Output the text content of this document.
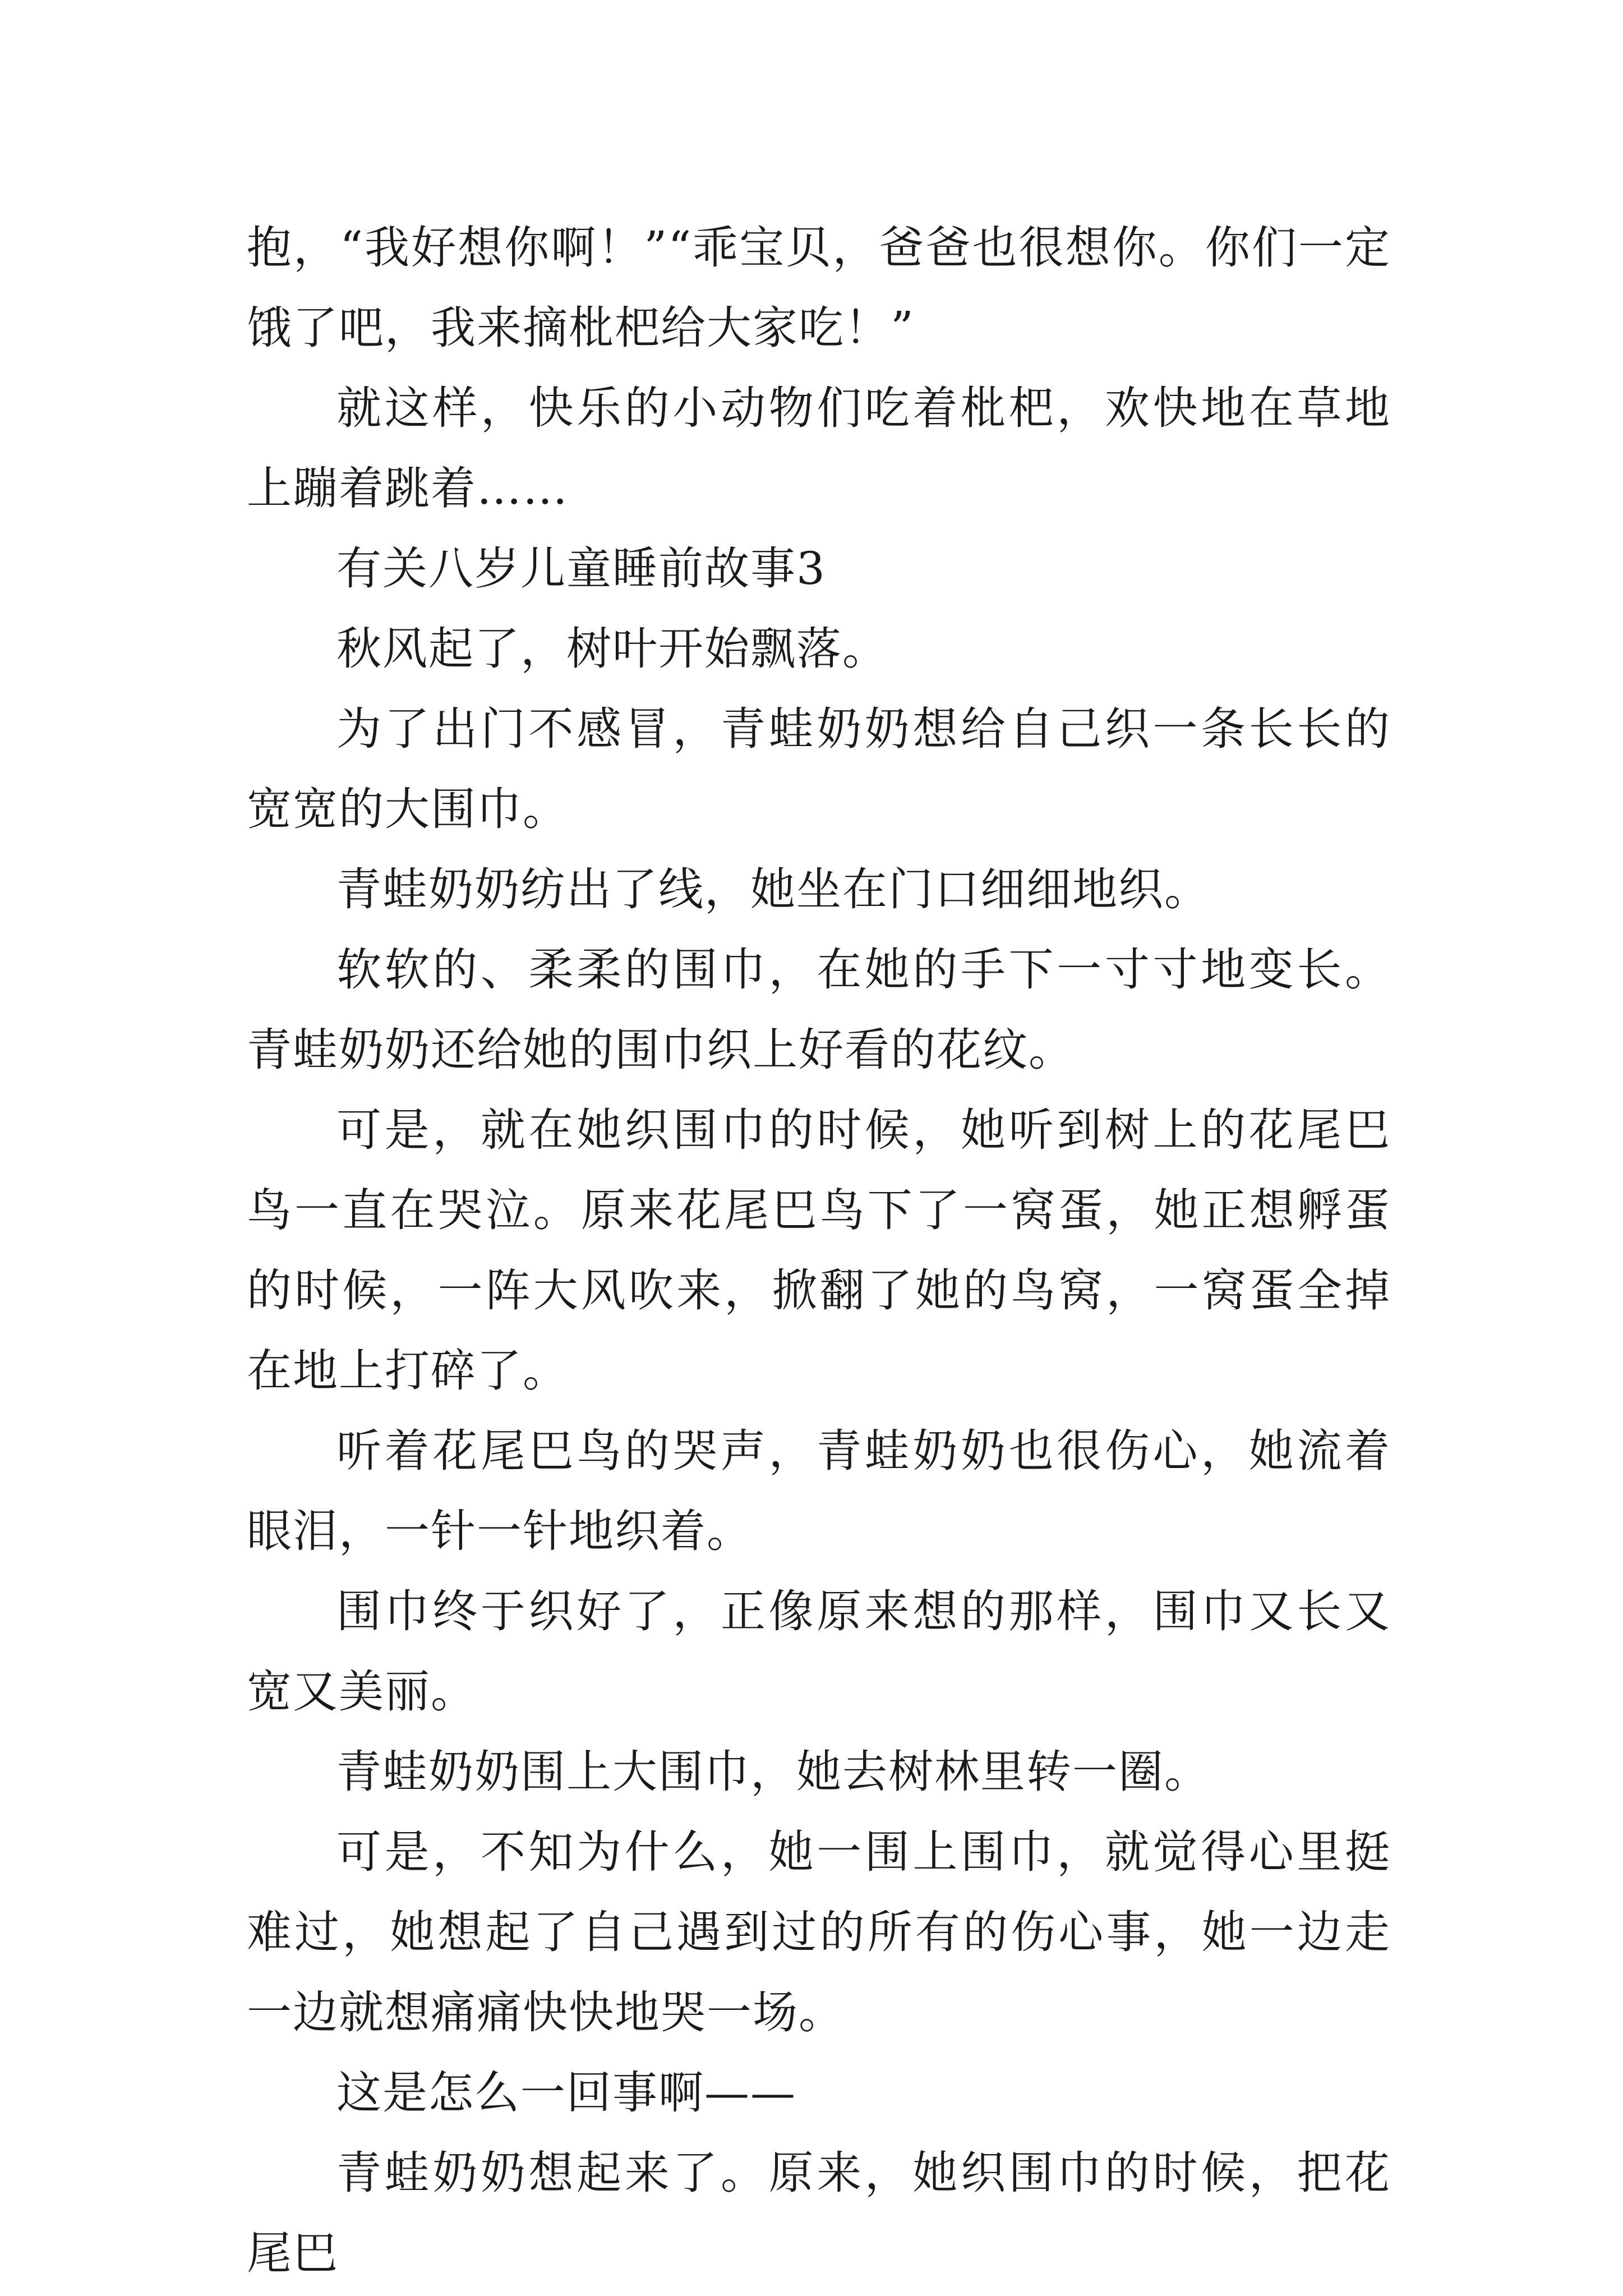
抱，“我好想你啊！”“乖宝贝，爸爸也很想你。你们一定饿了吧，我来摘枇杷给大家吃！”

就这样，快乐的小动物们吃着枇杷，欢快地在草地上蹦着跳着……

有关八岁儿童睡前故事3

秋风起了，树叶开始飘落。

为了出门不感冒，青蛙奶奶想给自己织一条长长的宽宽的大围巾。

青蛙奶奶纺出了线，她坐在门口细细地织。

软软的、柔柔的围巾，在她的手下一寸寸地变长。青蛙奶奶还给她的围巾织上好看的花纹。

可是，就在她织围巾的时候，她听到树上的花尾巴鸟一直在哭泣。原来花尾巴鸟下了一窝蛋，她正想孵蛋的时候，一阵大风吹来，掀翻了她的鸟窝，一窝蛋全掉在地上打碎了。

听着花尾巴鸟的哭声，青蛙奶奶也很伤心，她流着眼泪，一针一针地织着。

围巾终于织好了，正像原来想的那样，围巾又长又宽又美丽。

青蛙奶奶围上大围巾，她去树林里转一圈。

可是，不知为什么，她一围上围巾，就觉得心里挺难过，她想起了自己遇到过的所有的伤心事，她一边走一边就想痛痛快快地哭一场。

这是怎么一回事啊——

青蛙奶奶想起来了。原来，她织围巾的时候，把花尾巴
